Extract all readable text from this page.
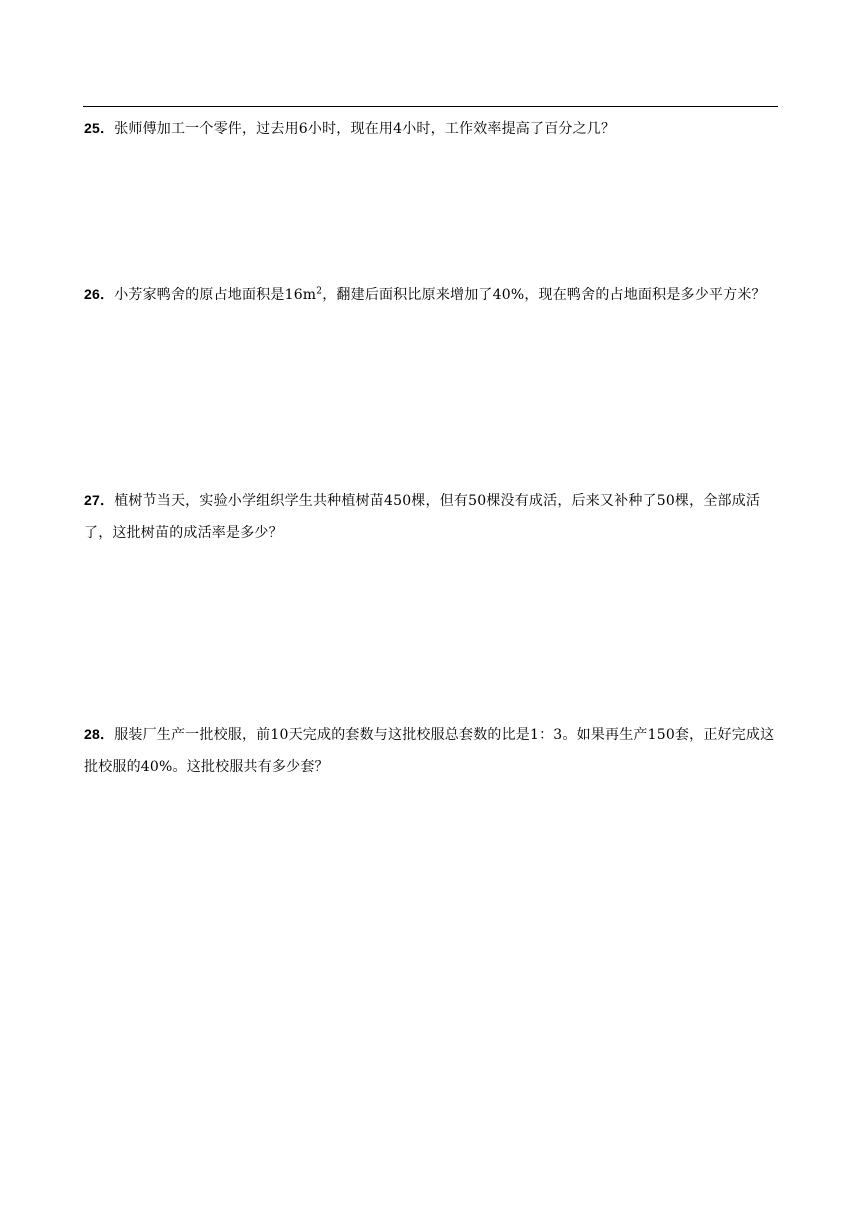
25．张师傅加工一个零件，过去用6小时，现在用4小时，工作效率提高了百分之几？
26．小芳家鸭舍的原占地面积是$16m^2$，翻建后面积比原来增加了40%，现在鸭舍的占地面积是多少平方米？
27．植树节当天，实验小学组织学生共种植树苗450棵，但有50棵没有成活，后来又补种了50棵，全部成活了，这批树苗的成活率是多少？
28．服装厂生产一批校服，前10天完成的套数与这批校服总套数的比是1：3。如果再生产150套，正好完成这批校服的40%。这批校服共有多少套？
